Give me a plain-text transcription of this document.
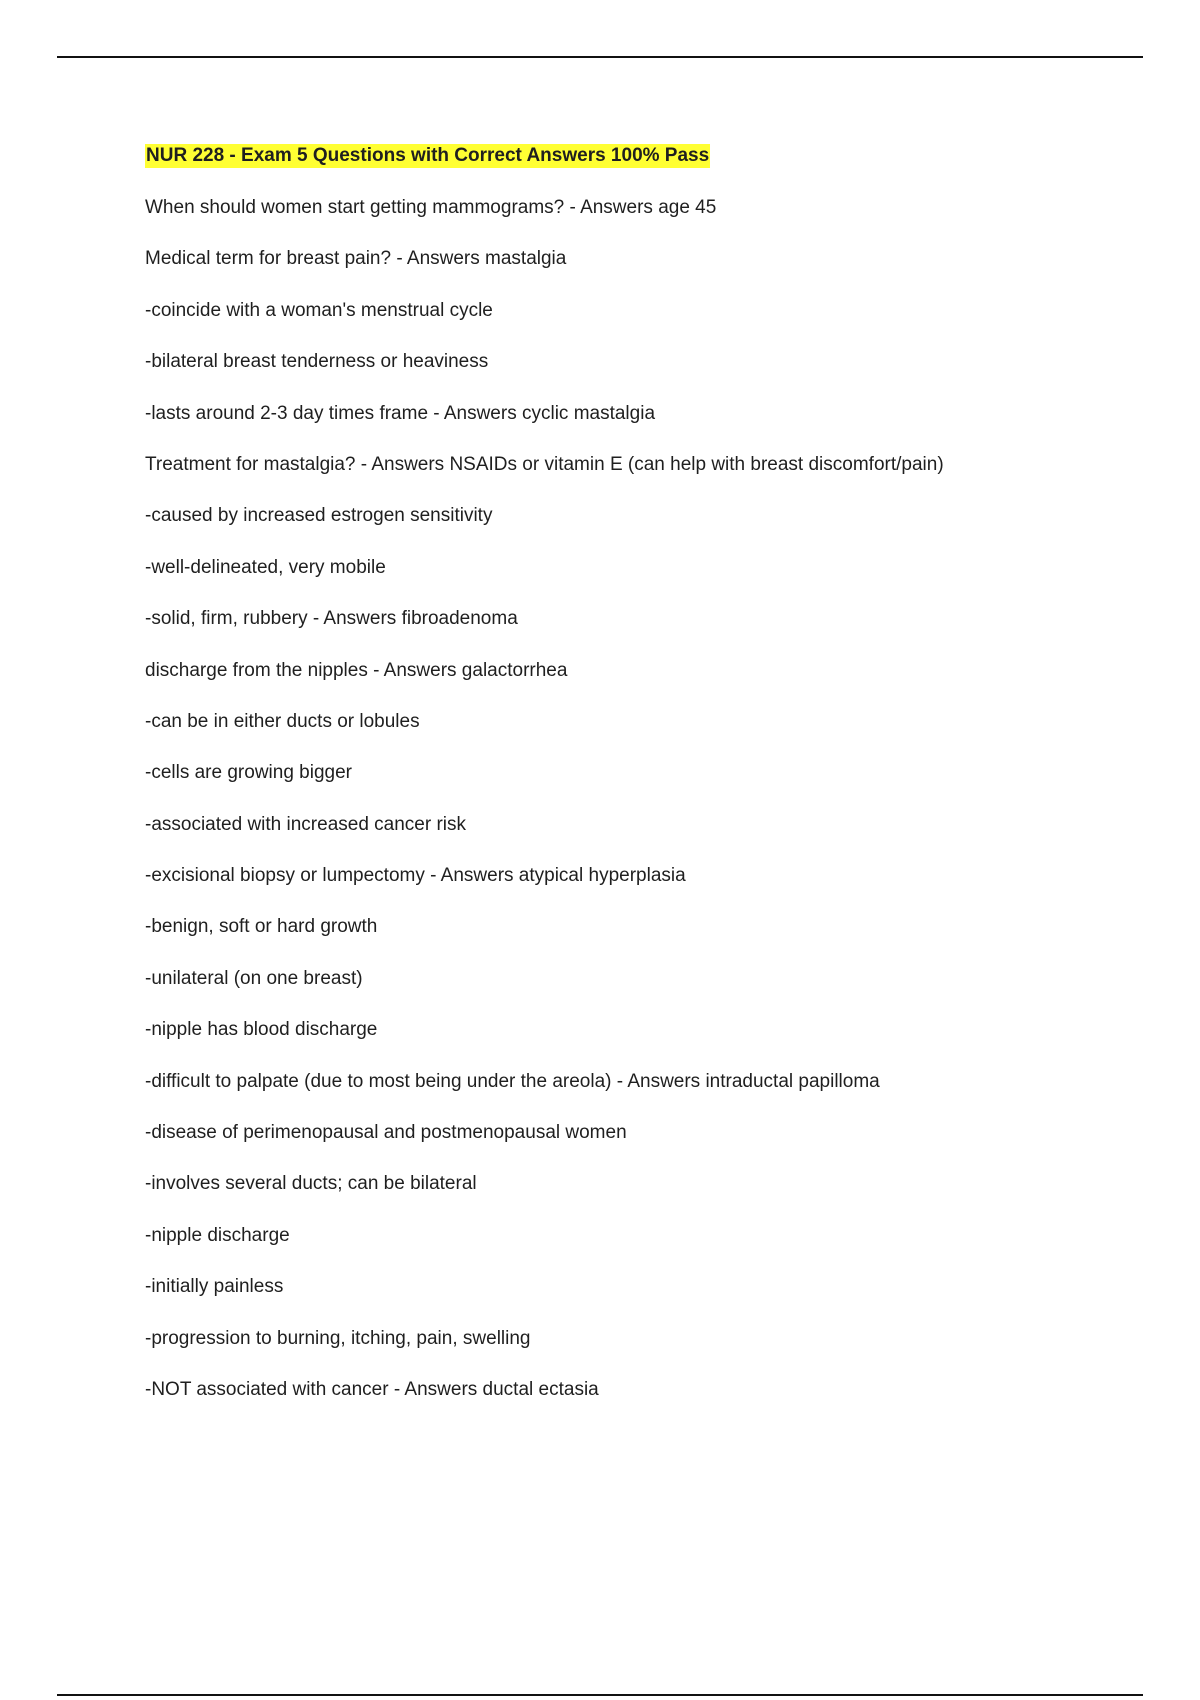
NUR 228 - Exam 5 Questions with Correct Answers 100% Pass
When should women start getting mammograms? - Answers age 45
Medical term for breast pain? - Answers mastalgia
-coincide with a woman's menstrual cycle
-bilateral breast tenderness or heaviness
-lasts around 2-3 day times frame - Answers cyclic mastalgia
Treatment for mastalgia? - Answers NSAIDs or vitamin E (can help with breast discomfort/pain)
-caused by increased estrogen sensitivity
-well-delineated, very mobile
-solid, firm, rubbery - Answers fibroadenoma
discharge from the nipples - Answers galactorrhea
-can be in either ducts or lobules
-cells are growing bigger
-associated with increased cancer risk
-excisional biopsy or lumpectomy - Answers atypical hyperplasia
-benign, soft or hard growth
-unilateral (on one breast)
-nipple has blood discharge
-difficult to palpate (due to most being under the areola) - Answers intraductal papilloma
-disease of perimenopausal and postmenopausal women
-involves several ducts; can be bilateral
-nipple discharge
-initially painless
-progression to burning, itching, pain, swelling
-NOT associated with cancer - Answers ductal ectasia
